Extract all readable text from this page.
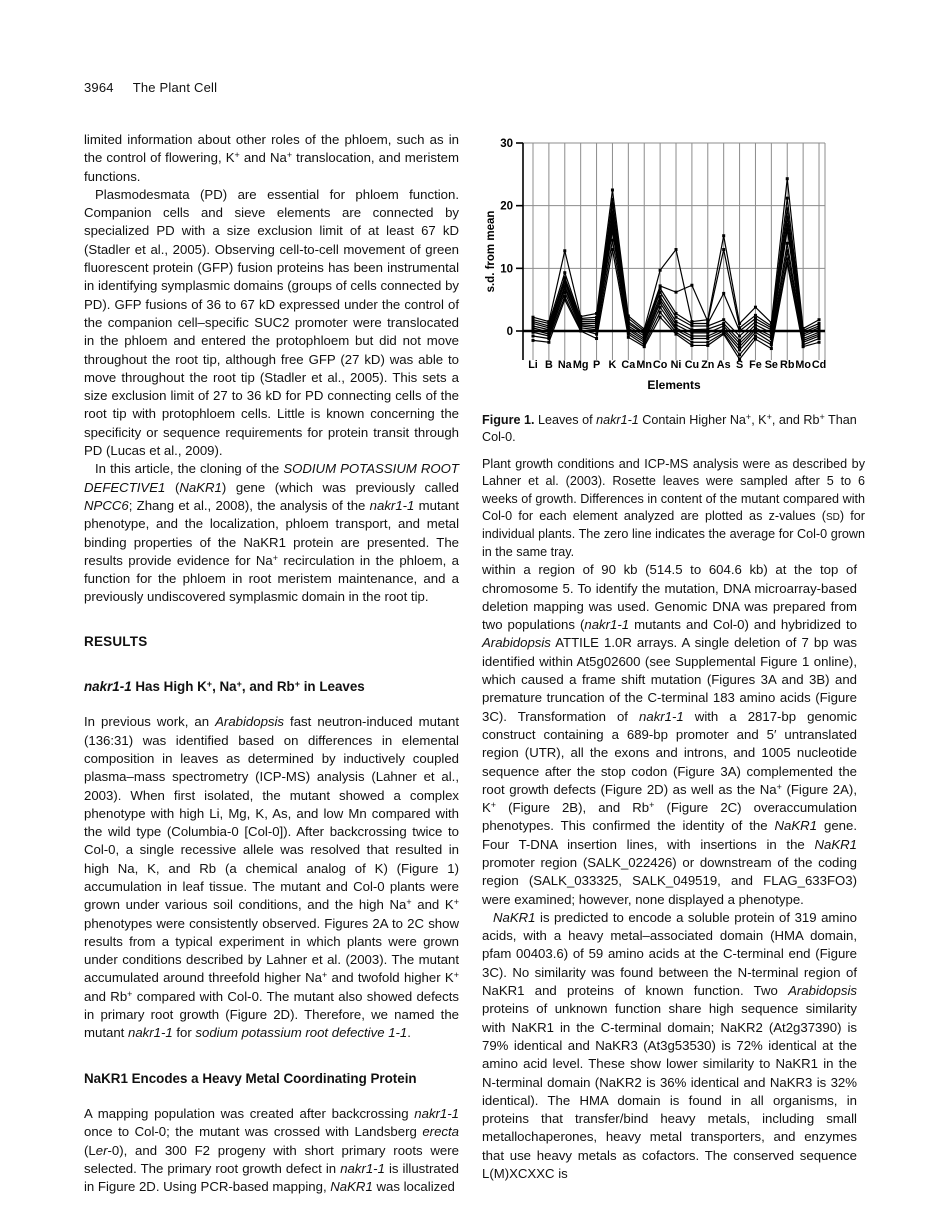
3964 The Plant Cell

limited information about other roles of the phloem, such as in the control of flowering, K+ and Na+ translocation, and meristem functions.

Plasmodesmata (PD) are essential for phloem function. Companion cells and sieve elements are connected by specialized PD with a size exclusion limit of at least 67 kD (Stadler et al., 2005). Observing cell-to-cell movement of green fluorescent protein (GFP) fusion proteins has been instrumental in identifying symplasmic domains (groups of cells connected by PD). GFP fusions of 36 to 67 kD expressed under the control of the companion cell–specific SUC2 promoter were translocated in the phloem and entered the protophloem but did not move throughout the root tip, although free GFP (27 kD) was able to move throughout the root tip (Stadler et al., 2005). This sets a size exclusion limit of 27 to 36 kD for PD connecting cells of the root tip with protophloem cells. Little is known concerning the specificity or sequence requirements for protein transit through PD (Lucas et al., 2009).

In this article, the cloning of the SODIUM POTASSIUM ROOT DEFECTIVE1 (NaKR1) gene (which was previously called NPCC6; Zhang et al., 2008), the analysis of the nakr1-1 mutant phenotype, and the localization, phloem transport, and metal binding properties of the NaKR1 protein are presented. The results provide evidence for Na+ recirculation in the phloem, a function for the phloem in root meristem maintenance, and a previously undiscovered symplasmic domain in the root tip.

RESULTS
nakr1-1 Has High K+, Na+, and Rb+ in Leaves

In previous work, an Arabidopsis fast neutron-induced mutant (136:31) was identified based on differences in elemental composition in leaves as determined by inductively coupled plasma–mass spectrometry (ICP-MS) analysis (Lahner et al., 2003). When first isolated, the mutant showed a complex phenotype with high Li, Mg, K, As, and low Mn compared with the wild type (Columbia-0 [Col-0]). After backcrossing twice to Col-0, a single recessive allele was resolved that resulted in high Na, K, and Rb (a chemical analog of K) (Figure 1) accumulation in leaf tissue. The mutant and Col-0 plants were grown under various soil conditions, and the high Na+ and K+ phenotypes were consistently observed. Figures 2A to 2C show results from a typical experiment in which plants were grown under conditions described by Lahner et al. (2003). The mutant accumulated around threefold higher Na+ and twofold higher K+ and Rb+ compared with Col-0. The mutant also showed defects in primary root growth (Figure 2D). Therefore, we named the mutant nakr1-1 for sodium potassium root defective 1-1.

NaKR1 Encodes a Heavy Metal Coordinating Protein

A mapping population was created after backcrossing nakr1-1 once to Col-0; the mutant was crossed with Landsberg erecta (Ler-0), and 300 F2 progeny with short primary roots were selected. The primary root growth defect in nakr1-1 is illustrated in Figure 2D. Using PCR-based mapping, NaKR1 was localized

0
10
20
30
Li B Na Mg P K Ca Mn Co Ni Cu Zn As S Fe Se Rb Mo Cd
Elements
s.d. from mean
Figure 1. Leaves of nakr1-1 Contain Higher Na+, K+, and Rb+ Than Col-0.
Plant growth conditions and ICP-MS analysis were as described by Lahner et al. (2003). Rosette leaves were sampled after 5 to 6 weeks of growth. Differences in content of the mutant compared with Col-0 for each element analyzed are plotted as z-values (SD) for individual plants. The zero line indicates the average for Col-0 grown in the same tray.

within a region of 90 kb (514.5 to 604.6 kb) at the top of chromosome 5. To identify the mutation, DNA microarray-based deletion mapping was used. Genomic DNA was prepared from two populations (nakr1-1 mutants and Col-0) and hybridized to Arabidopsis ATTILE 1.0R arrays. A single deletion of 7 bp was identified within At5g02600 (see Supplemental Figure 1 online), which caused a frame shift mutation (Figures 3A and 3B) and premature truncation of the C-terminal 183 amino acids (Figure 3C). Transformation of nakr1-1 with a 2817-bp genomic construct containing a 689-bp promoter and 5′ untranslated region (UTR), all the exons and introns, and 1005 nucleotide sequence after the stop codon (Figure 3A) complemented the root growth defects (Figure 2D) as well as the Na+ (Figure 2A), K+ (Figure 2B), and Rb+ (Figure 2C) overaccumulation phenotypes. This confirmed the identity of the NaKR1 gene. Four T-DNA insertion lines, with insertions in the NaKR1 promoter region (SALK_022426) or downstream of the coding region (SALK_033325, SALK_049519, and FLAG_633FO3) were examined; however, none displayed a phenotype.

NaKR1 is predicted to encode a soluble protein of 319 amino acids, with a heavy metal–associated domain (HMA domain, pfam 00403.6) of 59 amino acids at the C-terminal end (Figure 3C). No similarity was found between the N-terminal region of NaKR1 and proteins of known function. Two Arabidopsis proteins of unknown function share high sequence similarity with NaKR1 in the C-terminal domain; NaKR2 (At2g37390) is 79% identical and NaKR3 (At3g53530) is 72% identical at the amino acid level. These show lower similarity to NaKR1 in the N-terminal domain (NaKR2 is 36% identical and NaKR3 is 32% identical). The HMA domain is found in all organisms, in proteins that transfer/bind heavy metals, including small metallochaperones, heavy metal transporters, and enzymes that use heavy metals as cofactors. The conserved sequence L(M)XCXXC is
